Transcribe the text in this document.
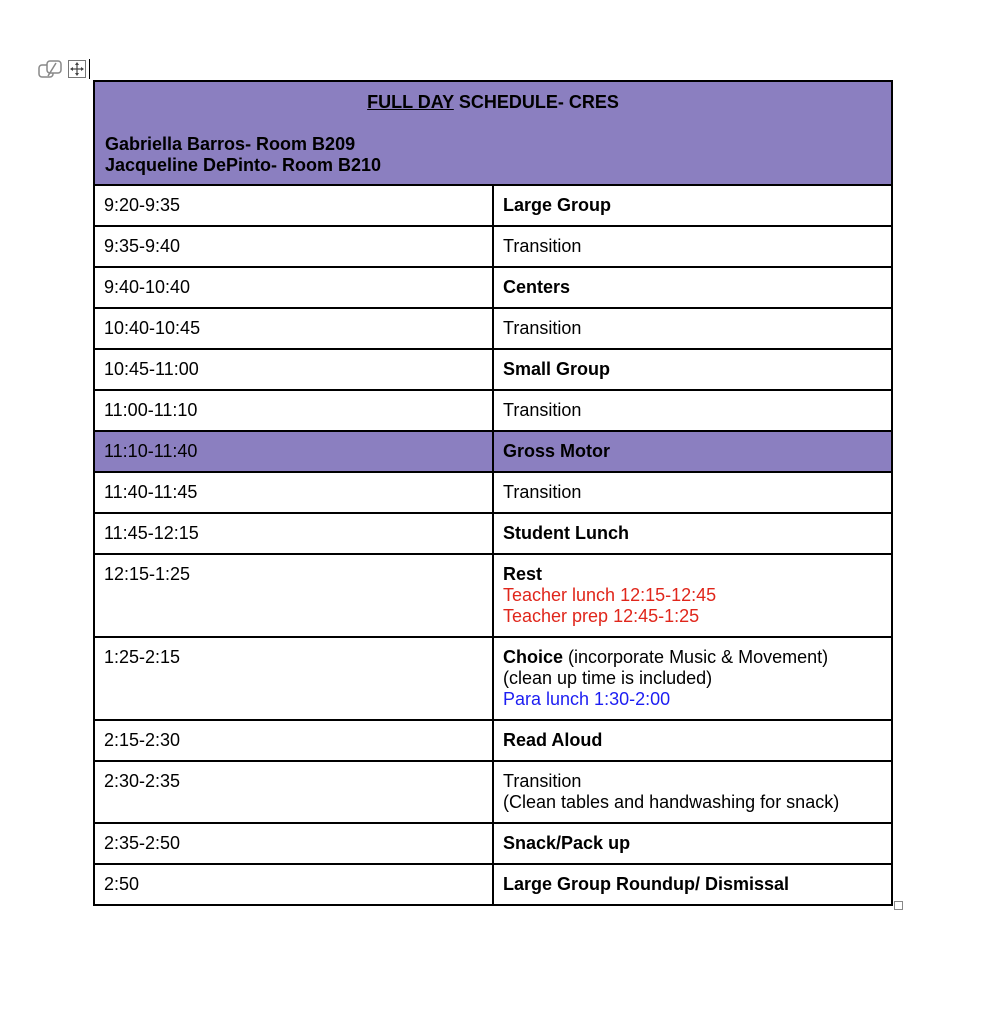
FULL DAY SCHEDULE- CRES
Gabriella Barros- Room B209
Jacqueline DePinto- Room B210	

9:20-9:35	Large Group
9:35-9:40	Transition
9:40-10:40	Centers
10:40-10:45	Transition
10:45-11:00	Small Group
11:00-11:10	Transition
11:10-11:40	Gross Motor
11:40-11:45	Transition
11:45-12:15	Student Lunch
12:15-1:25	Rest
Teacher lunch 12:15-12:45
Teacher prep 12:45-1:25

1:25-2:15	Choice (incorporate Music & Movement)
(clean up time is included)
Para lunch 1:30-2:00

2:15-2:30	Read Aloud
2:30-2:35	Transition
(Clean tables and handwashing for snack)

2:35-2:50	Snack/Pack up
2:50	Large Group Roundup/ Dismissal
